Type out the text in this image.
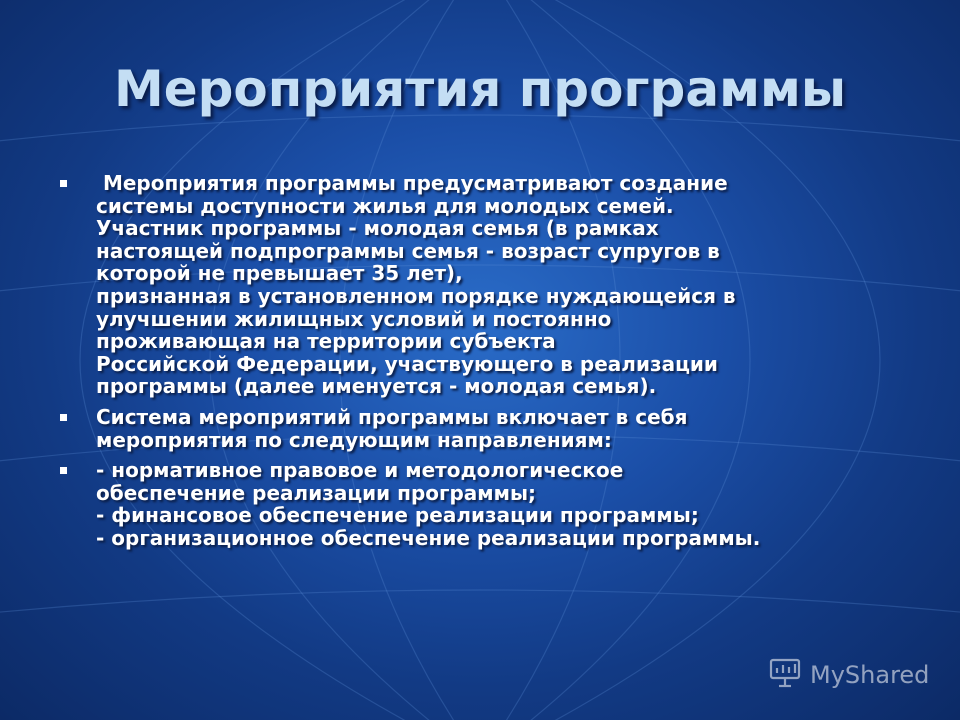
Мероприятия программы
Мероприятия программы предусматривают создание
системы доступности жилья для молодых семей.
Участник программы - молодая семья (в рамках
настоящей подпрограммы семья - возраст супругов в
которой не превышает 35 лет),
признанная в установленном порядке нуждающейся в
улучшении жилищных условий и постоянно
проживающая на территории субъекта
Российской Федерации, участвующего в реализации
программы (далее именуется - молодая семья).
Система мероприятий программы включает в себя
мероприятия по следующим направлениям:
- нормативное правовое и методологическое
обеспечение реализации программы;
- финансовое обеспечение реализации программы;
- организационное обеспечение реализации программы.
MyShared
